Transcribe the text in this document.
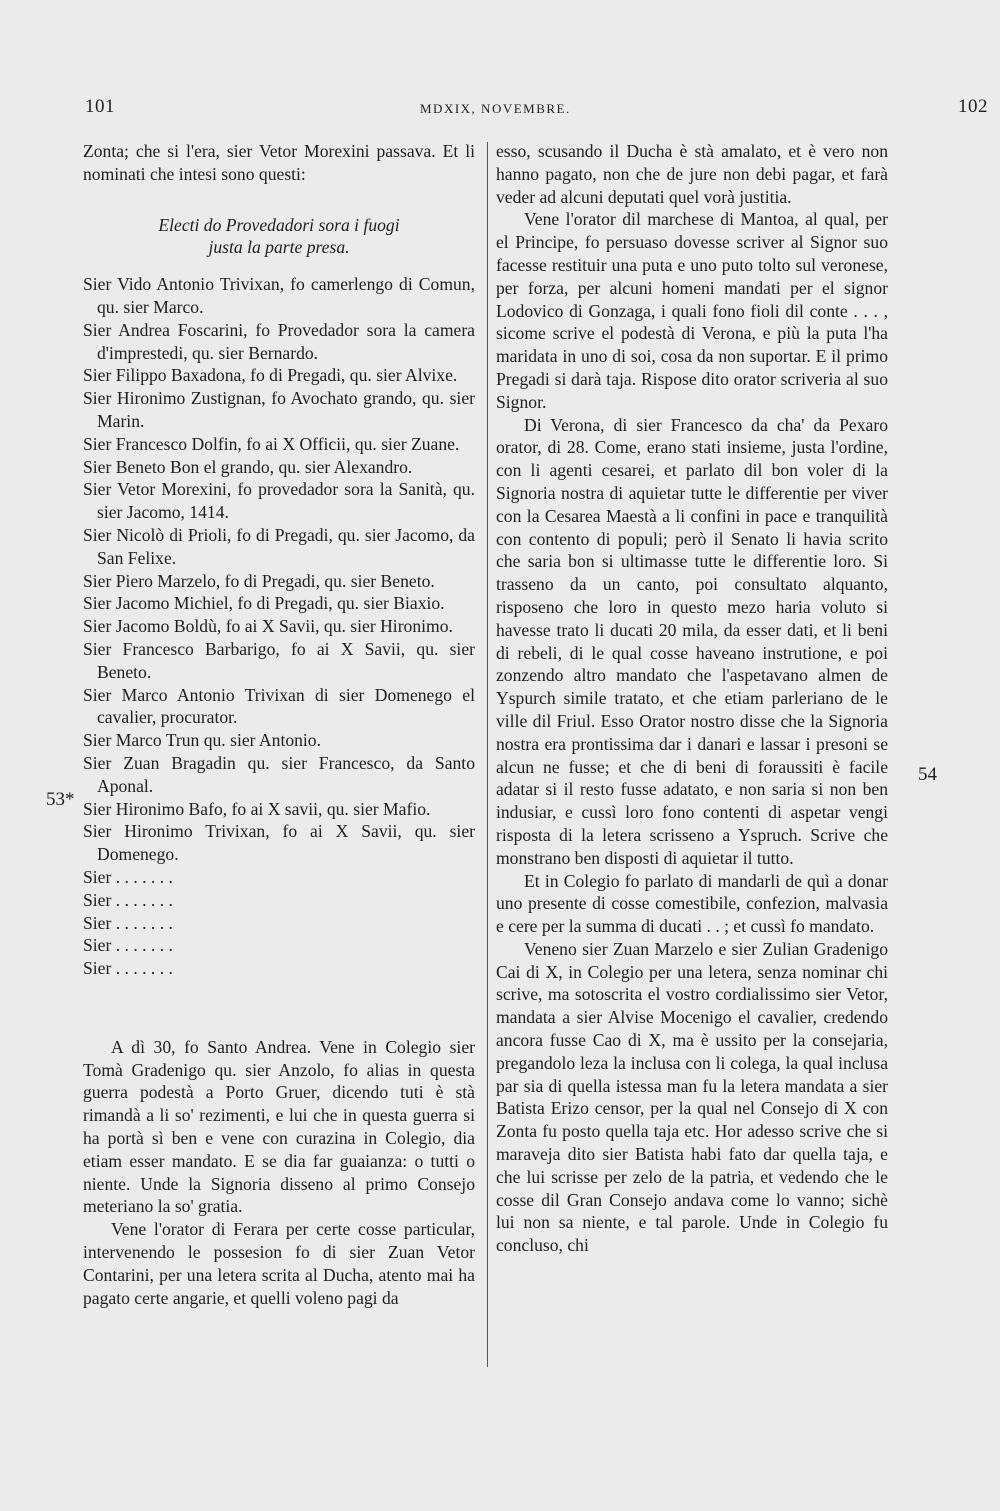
101	MDXIX, NOVEMBRE.	102
53*
54

Zonta; che si l'era, sier Vetor Morexini passava. Et li nominati che intesi sono questi:

Electi do Provedadori sora i fuogi

justa la parte presa.

Sier Vido Antonio Trivixan, fo camerlengo di Comun, qu. sier Marco.

Sier Andrea Foscarini, fo Provedador sora la camera d'imprestedi, qu. sier Bernardo.

Sier Filippo Baxadona, fo di Pregadi, qu. sier Alvixe.

Sier Hironimo Zustignan, fo Avochato grando, qu. sier Marin.

Sier Francesco Dolfin, fo ai X Officii, qu. sier Zuane.

Sier Beneto Bon el grando, qu. sier Alexandro.

Sier Vetor Morexini, fo provedador sora la Sanità, qu. sier Jacomo, 1414.

Sier Nicolò di Prioli, fo di Pregadi, qu. sier Jacomo, da San Felixe.

Sier Piero Marzelo, fo di Pregadi, qu. sier Beneto.

Sier Jacomo Michiel, fo di Pregadi, qu. sier Biaxio.

Sier Jacomo Boldù, fo ai X Savii, qu. sier Hironimo.

Sier Francesco Barbarigo, fo ai X Savii, qu. sier Beneto.

Sier Marco Antonio Trivixan di sier Domenego el cavalier, procurator.

Sier Marco Trun qu. sier Antonio.

Sier Zuan Bragadin qu. sier Francesco, da Santo Aponal.

Sier Hironimo Bafo, fo ai X savii, qu. sier Mafio.

Sier Hironimo Trivixan, fo ai X Savii, qu. sier Domenego.

Sier . . . . . . .

Sier . . . . . . .

Sier . . . . . . .

Sier . . . . . . .

Sier . . . . . . .

A dì 30, fo Santo Andrea. Vene in Colegio sier Tomà Gradenigo qu. sier Anzolo, fo alias in questa guerra podestà a Porto Gruer, dicendo tuti è stà rimandà a li so' rezimenti, e lui che in questa guerra si ha portà sì ben e vene con curazina in Colegio, dia etiam esser mandato. E se dia far guaianza: o tutti o niente. Unde la Signoria disseno al primo Consejo meteriano la so' gratia.

Vene l'orator di Ferara per certe cosse particular, intervenendo le possesion fo di sier Zuan Vetor Contarini, per una letera scrita al Ducha, atento mai ha pagato certe angarie, et quelli voleno pagi da

esso, scusando il Ducha è stà amalato, et è vero non hanno pagato, non che de jure non debi pagar, et farà veder ad alcuni deputati quel vorà justitia.

Vene l'orator dil marchese di Mantoa, al qual, per el Principe, fo persuaso dovesse scriver al Signor suo facesse restituir una puta e uno puto tolto sul veronese, per forza, per alcuni homeni mandati per el signor Lodovico di Gonzaga, i quali fono fioli dil conte . . . , sicome scrive el podestà di Verona, e più la puta l'ha maridata in uno di soi, cosa da non suportar. E il primo Pregadi si darà taja. Rispose dito orator scriveria al suo Signor.

Di Verona, di sier Francesco da cha' da Pexaro orator, di 28. Come, erano stati insieme, justa l'ordine, con li agenti cesarei, et parlato dil bon voler di la Signoria nostra di aquietar tutte le differentie per viver con la Cesarea Maestà a li confini in pace e tranquilità con contento di populi; però il Senato li havia scrito che saria bon si ultimasse tutte le differentie loro. Si trasseno da un canto, poi consultato alquanto, risposeno che loro in questo mezo haria voluto si havesse trato li ducati 20 mila, da esser dati, et li beni di rebeli, di le qual cosse haveano instrutione, e poi zonzendo altro mandato che l'aspetavano almen de Yspurch simile tratato, et che etiam parleriano de le ville dil Friul. Esso Orator nostro disse che la Signoria nostra era prontissima dar i danari e lassar i presoni se alcun ne fusse; et che di beni di foraussiti è facile adatar si il resto fusse adatato, e non saria si non ben indusiar, e cussì loro fono contenti di aspetar vengi risposta di la letera scrisseno a Yspruch. Scrive che monstrano ben disposti di aquietar il tutto.

Et in Colegio fo parlato di mandarli de quì a donar uno presente di cosse comestibile, confezion, malvasia e cere per la summa di ducati . . ; et cussì fo mandato.

Veneno sier Zuan Marzelo e sier Zulian Gradenigo Cai di X, in Colegio per una letera, senza nominar chi scrive, ma sotoscrita el vostro cordialissimo sier Vetor, mandata a sier Alvise Mocenigo el cavalier, credendo ancora fusse Cao di X, ma è ussito per la consejaria, pregandolo leza la inclusa con li colega, la qual inclusa par sia di quella istessa man fu la letera mandata a sier Batista Erizo censor, per la qual nel Consejo di X con Zonta fu posto quella taja etc. Hor adesso scrive che si maraveja dito sier Batista habi fato dar quella taja, e che lui scrisse per zelo de la patria, et vedendo che le cosse dil Gran Consejo andava come lo vanno; sichè lui non sa niente, e tal parole. Unde in Colegio fu concluso, chi
